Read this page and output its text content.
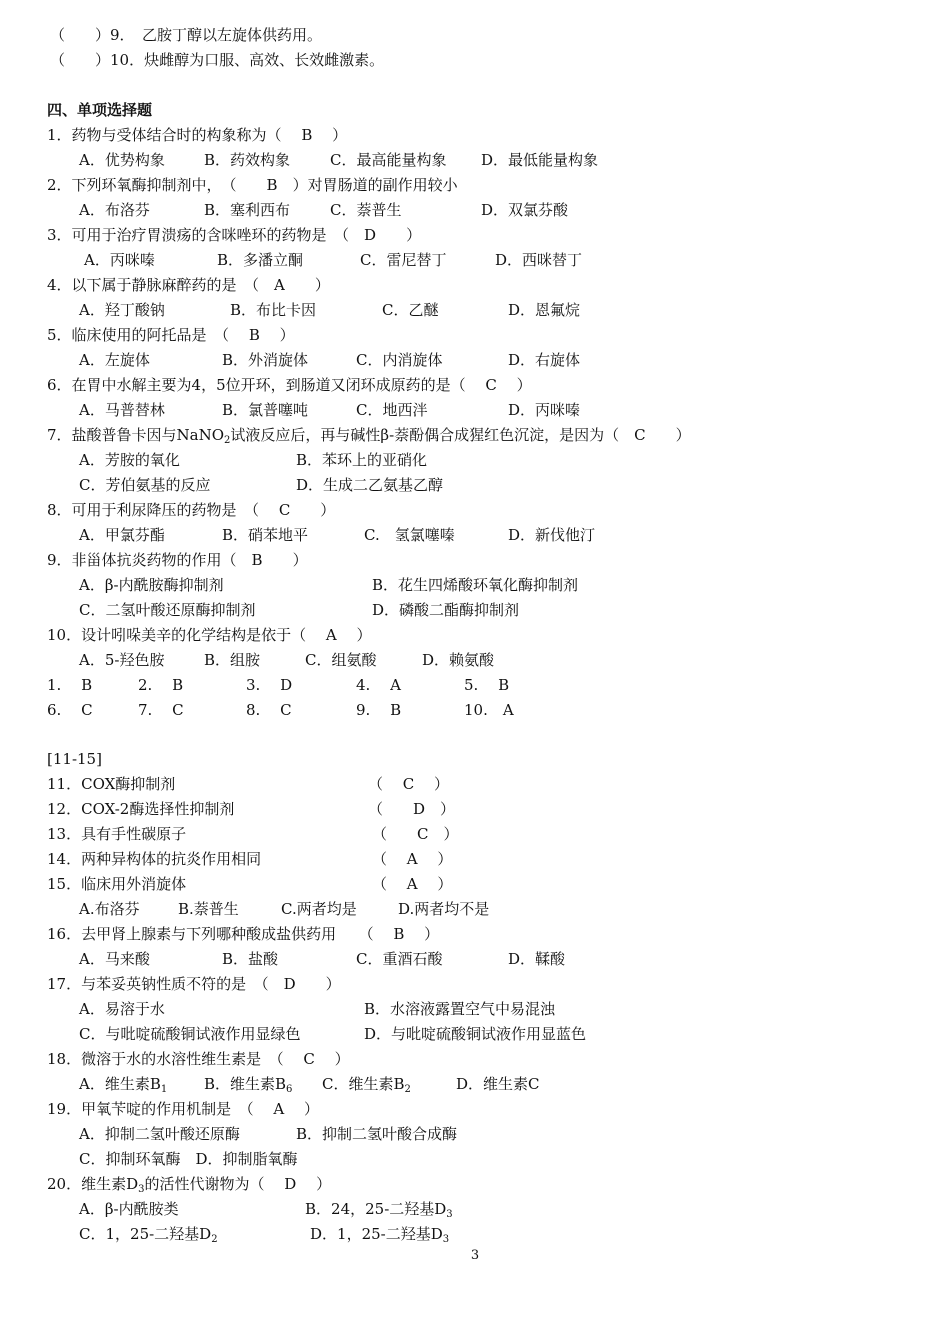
（　　）9．　乙胺丁醇以左旋体供药用。
（　　）10．炔雌醇为口服、高效、长效雌激素。
四、单项选择题
1．药物与受体结合时的构象称为（　 B　 ）
A．优势构象	B．药效构象	C．最高能量构象 D．最低能量构象
2．下列环氧酶抑制剂中，　（　　B　）对胃肠道的副作用较小
A．布洛芬	B．塞利西布	C．萘普生	D．双氯芬酸
3．可用于治疗胃溃疡的含咪唑环的药物是　（　D　　）
A．丙咪嗪	B．多潘立酮	C．雷尼替丁	D．西咪替丁
4．以下属于静脉麻醉药的是　（　A　　）
A．羟丁酸钠	B．布比卡因	C．乙醚	D．恩氟烷
5．临床使用的阿托品是　（　 B　 ）
A．左旋体	B．外消旋体	C．内消旋体	D．右旋体
6．在胃中水解主要为4，5位开环，到肠道又闭环成原药的是（　 C　 ）
A．马普替林	B．氯普噻吨	C．地西泮	D．丙咪嗪
7．盐酸普鲁卡因与NaNO$_2$试液反应后，再与碱性β-萘酚偶合成猩红色沉淀，是因为（　C　　）
A．芳胺的氧化	B．苯环上的亚硝化
C．芳伯氨基的反应	D．生成二乙氨基乙醇
8．可用于利尿降压的药物是　（　 C　　）
A．甲氯芬酯	B．硝苯地平	C.　氢氯噻嗪	D．新伐他汀
9．非甾体抗炎药物的作用（　B　　）
A．β-内酰胺酶抑制剂	B．花生四烯酸环氧化酶抑制剂
C．二氢叶酸还原酶抑制剂	D．磷酸二酯酶抑制剂
10．设计吲哚美辛的化学结构是依于（　 A　 ）
A．5-羟色胺	B．组胺	C．组氨酸	D．赖氨酸
1.　 B	2.　 B	3.　 D	4.　 A	5.　 B
6.　 C	7.　 C	8.　 C	9.　 B	10.　A
[11-15]
11．COX酶抑制剂	（　 C　 ）
12．COX-2酶选择性抑制剂	（　　D　）
13．具有手性碳原子	（　　C　）
14．两种异构体的抗炎作用相同	（　 A　 ）
15．临床用外消旋体	（　 A　 ）
A.布洛芬	B.萘普生	C.两者均是	D.两者均不是
16．去甲肾上腺素与下列哪种酸成盐供药用　　（　 B　 ）
A．马来酸	B．盐酸	C．重酒石酸	D．鞣酸
17．与苯妥英钠性质不符的是　（　D　　）
A．易溶于水	B．水溶液露置空气中易混浊
C．与吡啶硫酸铜试液作用显绿色	D．与吡啶硫酸铜试液作用显蓝色
18．微溶于水的水溶性维生素是　（　 C　 ）
A．维生素$B_1$ B．维生素$B_6$ C．维生素$B_2$	D．维生素C
19．甲氧苄啶的作用机制是　（　 A　 ）
A．抑制二氢叶酸还原酶	B．抑制二氢叶酸合成酶
C．抑制环氧酶　D．抑制脂氧酶
20．维生素$D_3$的活性代谢物为（　 D　 ）
A．β-内酰胺类	B．24，25-二羟基$D_3$
C．1，25-二羟基$D_2$	D．1，25-二羟基$D_3$
3
